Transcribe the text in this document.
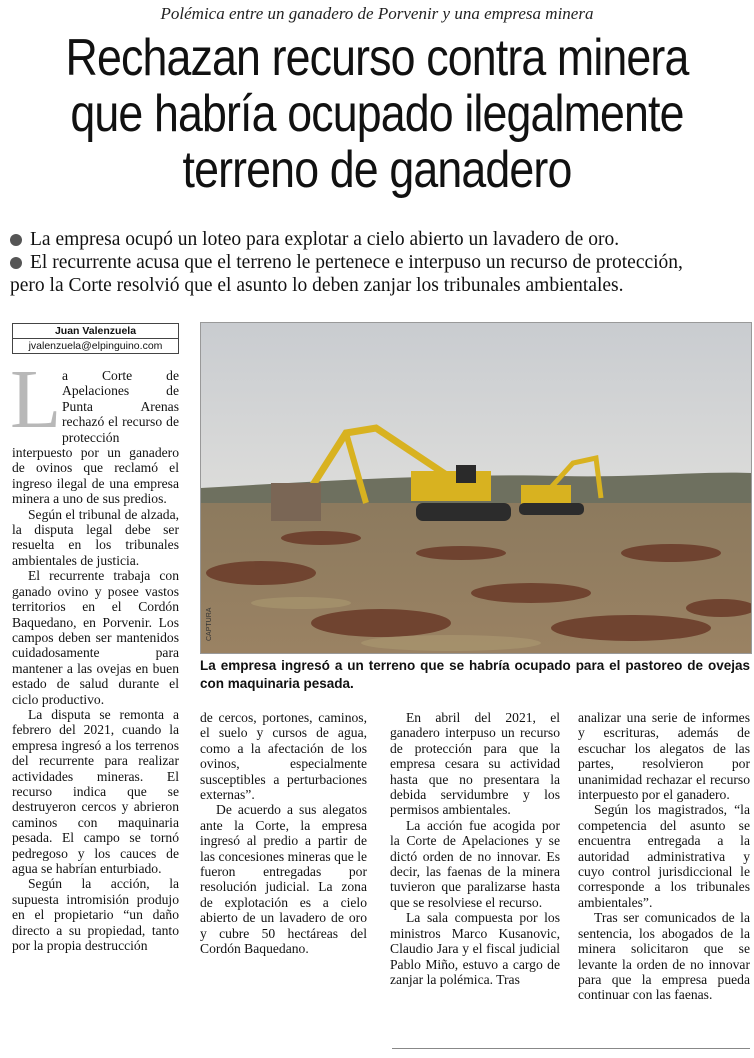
Polémica entre un ganadero de Porvenir y una empresa minera
Rechazan recurso contra minera
que habría ocupado ilegalmente
terreno de ganadero
La empresa ocupó un loteo para explotar a cielo abierto un lavadero de oro.
El recurrente acusa que el terreno le pertenece e interpuso un recurso de protección,
pero la Corte resolvió que el asunto lo deben zanjar los tribunales ambientales.
Juan Valenzuela
jvalenzuela@elpinguino.com
CAPTURA
La empresa ingresó a un terreno que se habría ocupado para el pastoreo de ovejas con maquinaria pesada.

La Corte de Apelaciones de Punta Arenas rechazó el recurso de protección interpuesto por un ganadero de ovinos que reclamó el ingreso ilegal de una empresa minera a uno de sus predios.

Según el tribunal de alzada, la disputa legal debe ser resuelta en los tribunales ambientales de justicia.

El recurrente trabaja con ganado ovino y posee vastos territorios en el Cordón Baquedano, en Porvenir. Los campos deben ser mantenidos cuidadosamente para mantener a las ovejas en buen estado de salud durante el ciclo productivo.

La disputa se remonta a febrero del 2021, cuando la empresa ingresó a los terrenos del recurrente para realizar actividades mineras. El recurso indica que se destruyeron cercos y abrieron caminos con maquinaria pesada. El campo se tornó pedregoso y los cauces de agua se habrían enturbiado.

Según la acción, la supuesta intromisión produjo en el propietario “un daño directo a su propiedad, tanto por la propia destrucción

de cercos, portones, caminos, el suelo y cursos de agua, como a la afectación de los ovinos, especialmente susceptibles a perturbaciones externas”.

De acuerdo a sus alegatos ante la Corte, la empresa ingresó al predio a partir de las concesiones mineras que le fueron entregadas por resolución judicial. La zona de explotación es a cielo abierto de un lavadero de oro y cubre 50 hectáreas del Cordón Baquedano.

En abril del 2021, el ganadero interpuso un recurso de protección para que la empresa cesara su actividad hasta que no presentara la debida servidumbre y los permisos ambientales.

La acción fue acogida por la Corte de Apelaciones y se dictó orden de no innovar. Es decir, las faenas de la minera tuvieron que paralizarse hasta que se resolviese el recurso.

La sala compuesta por los ministros Marco Kusanovic, Claudio Jara y el fiscal judicial Pablo Miño, estuvo a cargo de zanjar la polémica. Tras

analizar una serie de informes y escrituras, además de escuchar los alegatos de las partes, resolvieron por unanimidad rechazar el recurso interpuesto por el ganadero.

Según los magistrados, “la competencia del asunto se encuentra entregada a la autoridad administrativa y cuyo control jurisdiccional le corresponde a los tribunales ambientales”.

Tras ser comunicados de la sentencia, los abogados de la minera solicitaron que se levante la orden de no innovar para que la empresa pueda continuar con las faenas.
